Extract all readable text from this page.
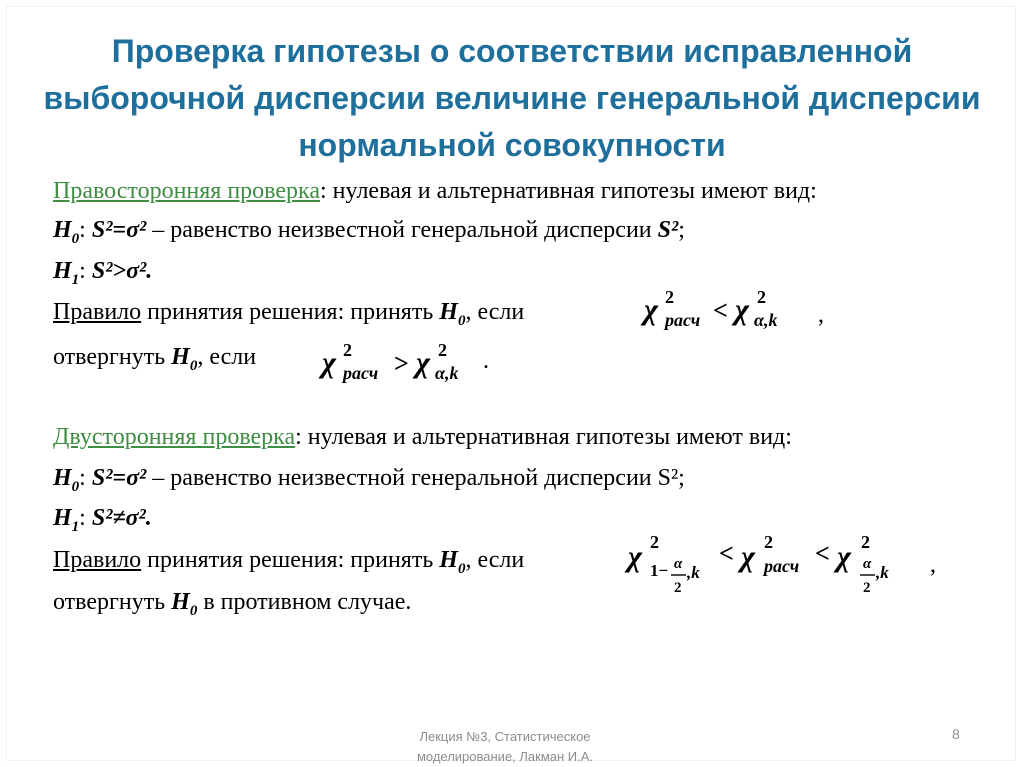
Проверка гипотезы о соответствии исправленной выборочной дисперсии величине генеральной дисперсии нормальной совокупности
Правосторонняя проверка: нулевая и альтернативная гипотезы имеют вид:
$H_0$: S²=σ² – равенство неизвестной генеральной дисперсии S²;
$H_1$: S²>σ².
Правило принятия решения: принять $H_0$, если	χ 2
расч < χ 2
α,k ,
отвергнуть $H_0$, если χ 2
расч > χ 2
α,k .
Двусторонняя проверка: нулевая и альтернативная гипотезы имеют вид:
$H_0$: S²=σ² – равенство неизвестной генеральной дисперсии S²;
$H_1$: S²≠σ².
Правило принятия решения: принять $H_0$, если	χ 2
1− α
2
,k
< χ 2
расч < χ 2
α
2
,k ,
отвергнуть $H_0$ в противном случае.
Лекция №3, Статистическое
моделирование, Лакман И.А.
8
